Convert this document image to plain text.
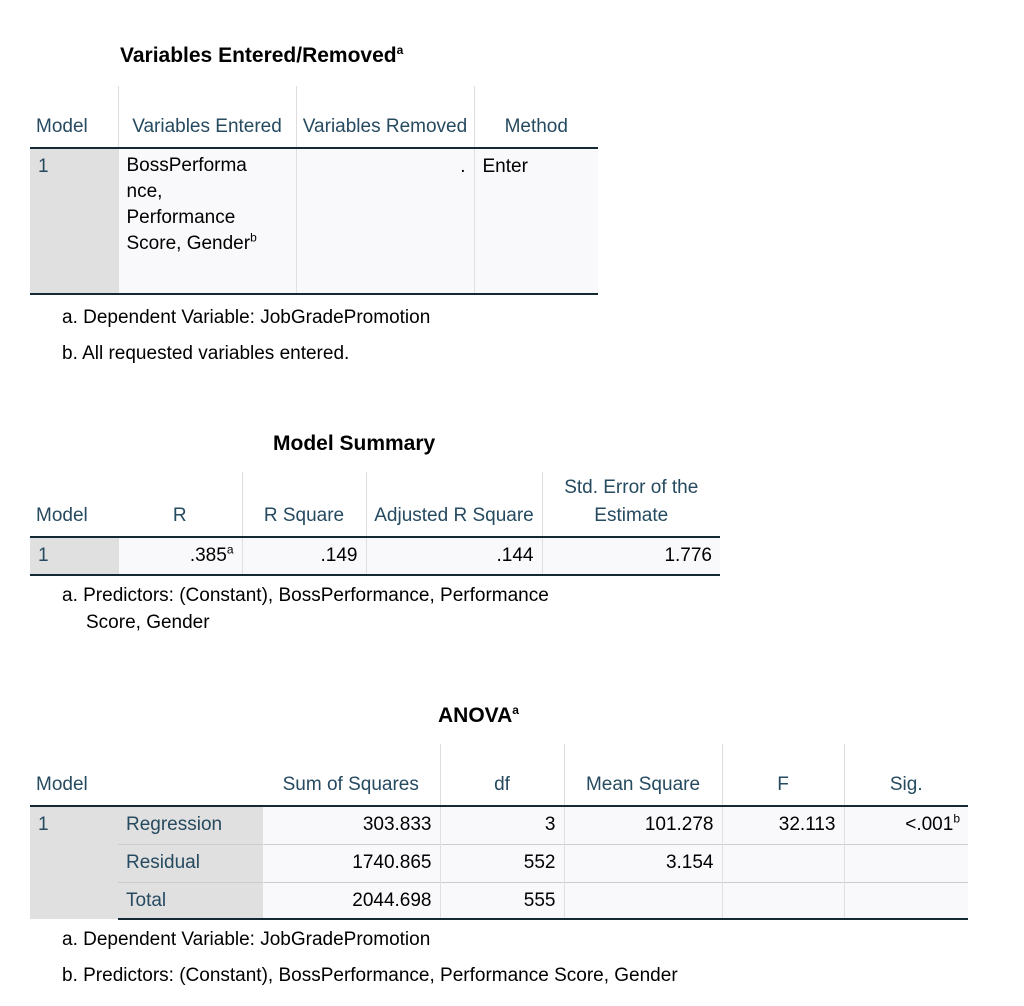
Variables Entered/Removed$^a$
Model	Variables Entered	Variables Removed	Method
1	BossPerforma
nce,
Performance
Score, Gender$^b$	.	Enter
a. Dependent Variable: JobGradePromotion
b. All requested variables entered.
Model Summary
Model	R	R Square	Adjusted R Square	Std. Error of the Estimate
1	.385$^a$	.149	.144	1.776
a. Predictors: (Constant), BossPerformance, Performance
Score, Gender
ANOVA$^a$
Model		Sum of Squares	df	Mean Square	F	Sig.
1	Regression	303.833	3	101.278	32.113	<.001$^b$
	Residual	1740.865	552	3.154		
	Total	2044.698	555			
a. Dependent Variable: JobGradePromotion
b. Predictors: (Constant), BossPerformance, Performance Score, Gender
